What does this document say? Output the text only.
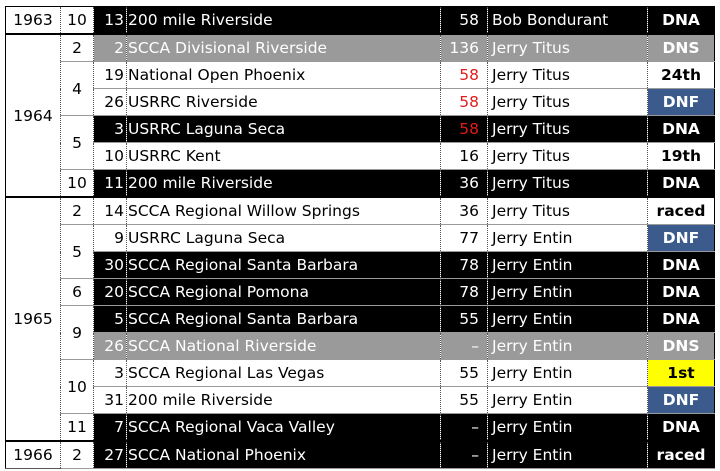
1963	10	13	200 mile Riverside	58	Bob Bondurant	DNA
1964	2	2	SCCA Divisional Riverside	136	Jerry Titus	DNS
	4	19	National Open Phoenix	58	Jerry Titus	24th
		26	USRRC Riverside	58	Jerry Titus	DNF
	5	3	USRRC Laguna Seca	58	Jerry Titus	DNA
		10	USRRC Kent	16	Jerry Titus	19th
	10	11	200 mile Riverside	36	Jerry Titus	DNA
1965	2	14	SCCA Regional Willow Springs	36	Jerry Titus	raced
	5	9	USRRC Laguna Seca	77	Jerry Entin	DNF
		30	SCCA Regional Santa Barbara	78	Jerry Entin	DNA
	6	20	SCCA Regional Pomona	78	Jerry Entin	DNA
	9	5	SCCA Regional Santa Barbara	55	Jerry Entin	DNA
		26	SCCA National Riverside	–	Jerry Entin	DNS
	10	3	SCCA Regional Las Vegas	55	Jerry Entin	1st
		31	200 mile Riverside	55	Jerry Entin	DNF
	11	7	SCCA Regional Vaca Valley	–	Jerry Entin	DNA
1966	2	27	SCCA National Phoenix	–	Jerry Entin	raced
